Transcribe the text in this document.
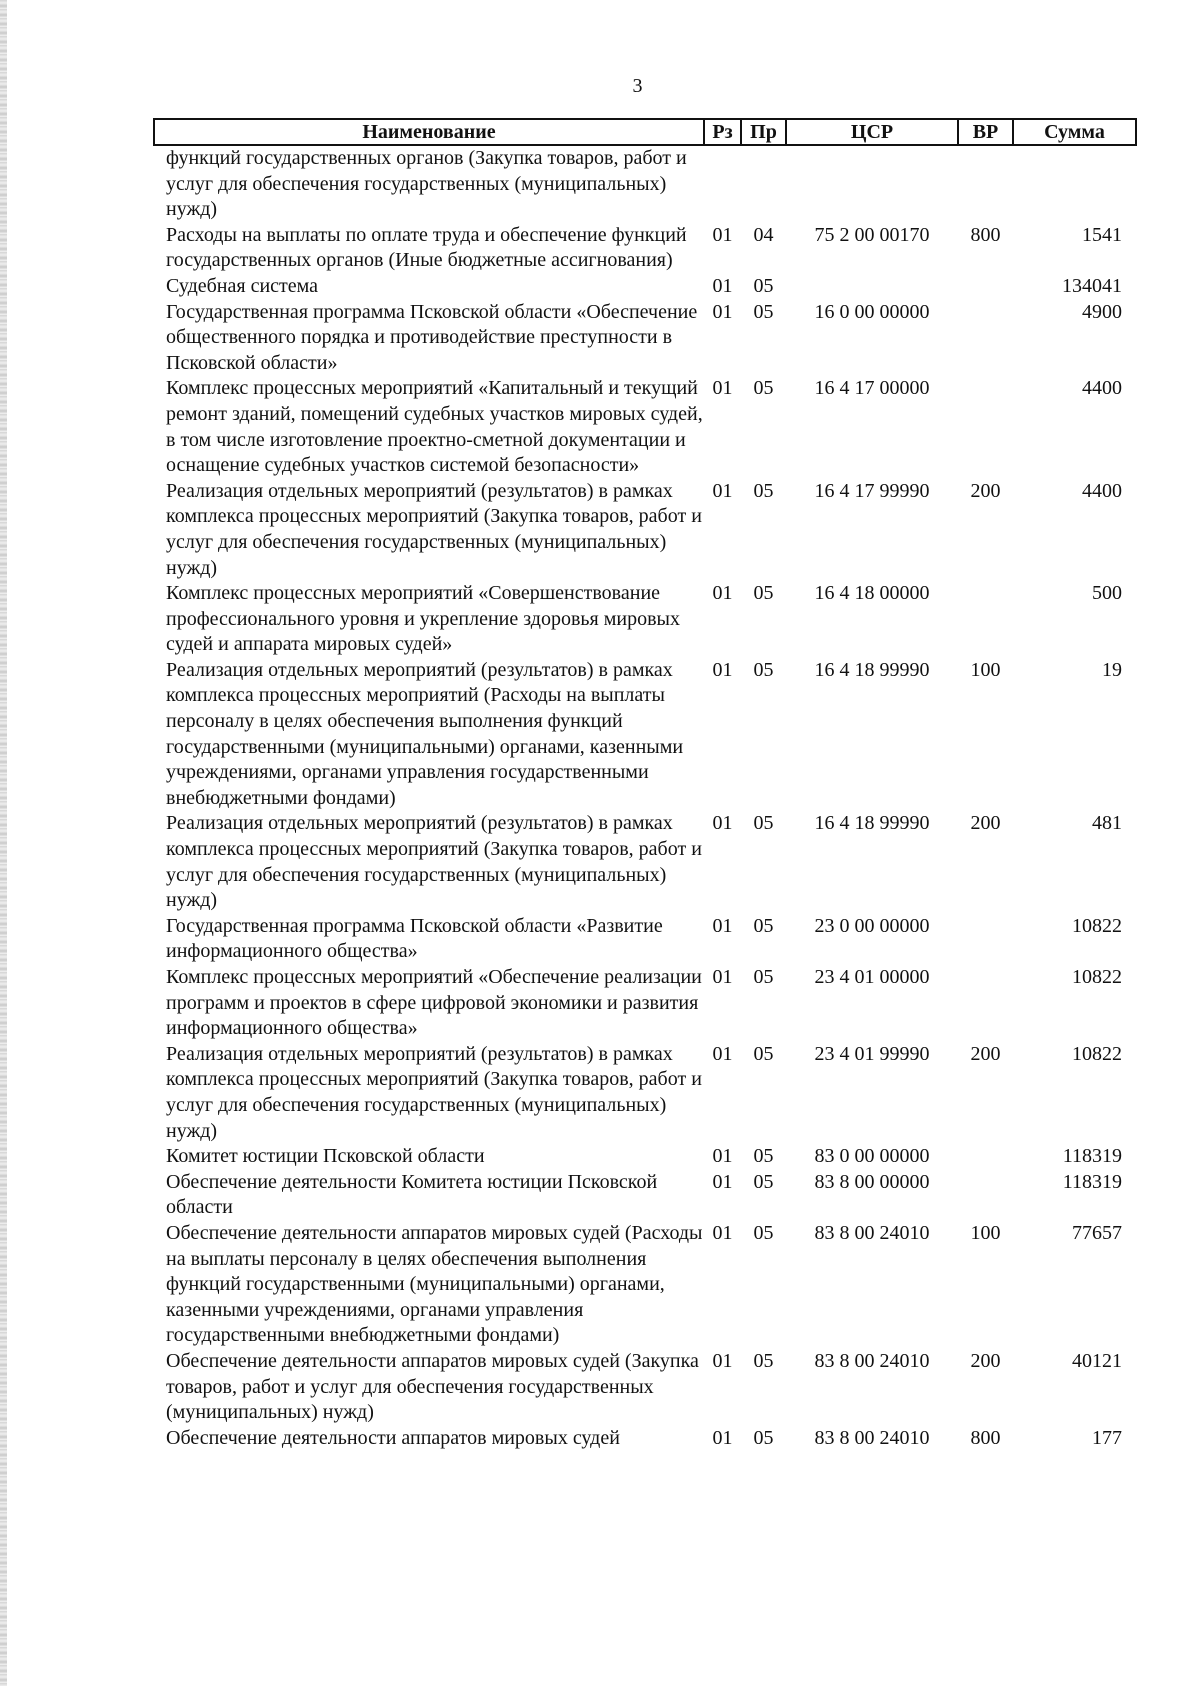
3
Наименование	Рз	Пр	ЦСР	ВР	Сумма
функций государственных органов (Закупка товаров, работ и услуг для обеспечения государственных (муниципальных) нужд)					
Расходы на выплаты по оплате труда и обеспечение функций государственных органов (Иные бюджетные ассигнования)	01	04	75 2 00 00170	800	1541
Судебная система	01	05			134041
Государственная программа Псковской области «Обеспечение общественного порядка и противодействие преступности в Псковской области»	01	05	16 0 00 00000		4900
Комплекс процессных мероприятий «Капитальный и текущий ремонт зданий, помещений судебных участков мировых судей, в том числе изготовление проектно-сметной документации и оснащение судебных участков системой безопасности»	01	05	16 4 17 00000		4400
Реализация отдельных мероприятий (результатов) в рамках комплекса процессных мероприятий (Закупка товаров, работ и услуг для обеспечения государственных (муниципальных) нужд)	01	05	16 4 17 99990	200	4400
Комплекс процессных мероприятий «Совершенствование профессионального уровня и укрепление здоровья мировых судей и аппарата мировых судей»	01	05	16 4 18 00000		500
Реализация отдельных мероприятий (результатов) в рамках комплекса процессных мероприятий (Расходы на выплаты персоналу в целях обеспечения выполнения функций государственными (муниципальными) органами, казенными учреждениями, органами управления государственными внебюджетными фондами)	01	05	16 4 18 99990	100	19
Реализация отдельных мероприятий (результатов) в рамках комплекса процессных мероприятий (Закупка товаров, работ и услуг для обеспечения государственных (муниципальных) нужд)	01	05	16 4 18 99990	200	481
Государственная программа Псковской области «Развитие информационного общества»	01	05	23 0 00 00000		10822
Комплекс процессных мероприятий «Обеспечение реализации программ и проектов в сфере цифровой экономики и развития информационного общества»	01	05	23 4 01 00000		10822
Реализация отдельных мероприятий (результатов) в рамках комплекса процессных мероприятий (Закупка товаров, работ и услуг для обеспечения государственных (муниципальных) нужд)	01	05	23 4 01 99990	200	10822
Комитет юстиции Псковской области	01	05	83 0 00 00000		118319
Обеспечение деятельности Комитета юстиции Псковской области	01	05	83 8 00 00000		118319
Обеспечение деятельности аппаратов мировых судей (Расходы на выплаты персоналу в целях обеспечения выполнения функций государственными (муниципальными) органами, казенными учреждениями, органами управления государственными внебюджетными фондами)	01	05	83 8 00 24010	100	77657
Обеспечение деятельности аппаратов мировых судей (Закупка товаров, работ и услуг для обеспечения государственных (муниципальных) нужд)	01	05	83 8 00 24010	200	40121
Обеспечение деятельности аппаратов мировых судей	01	05	83 8 00 24010	800	177
